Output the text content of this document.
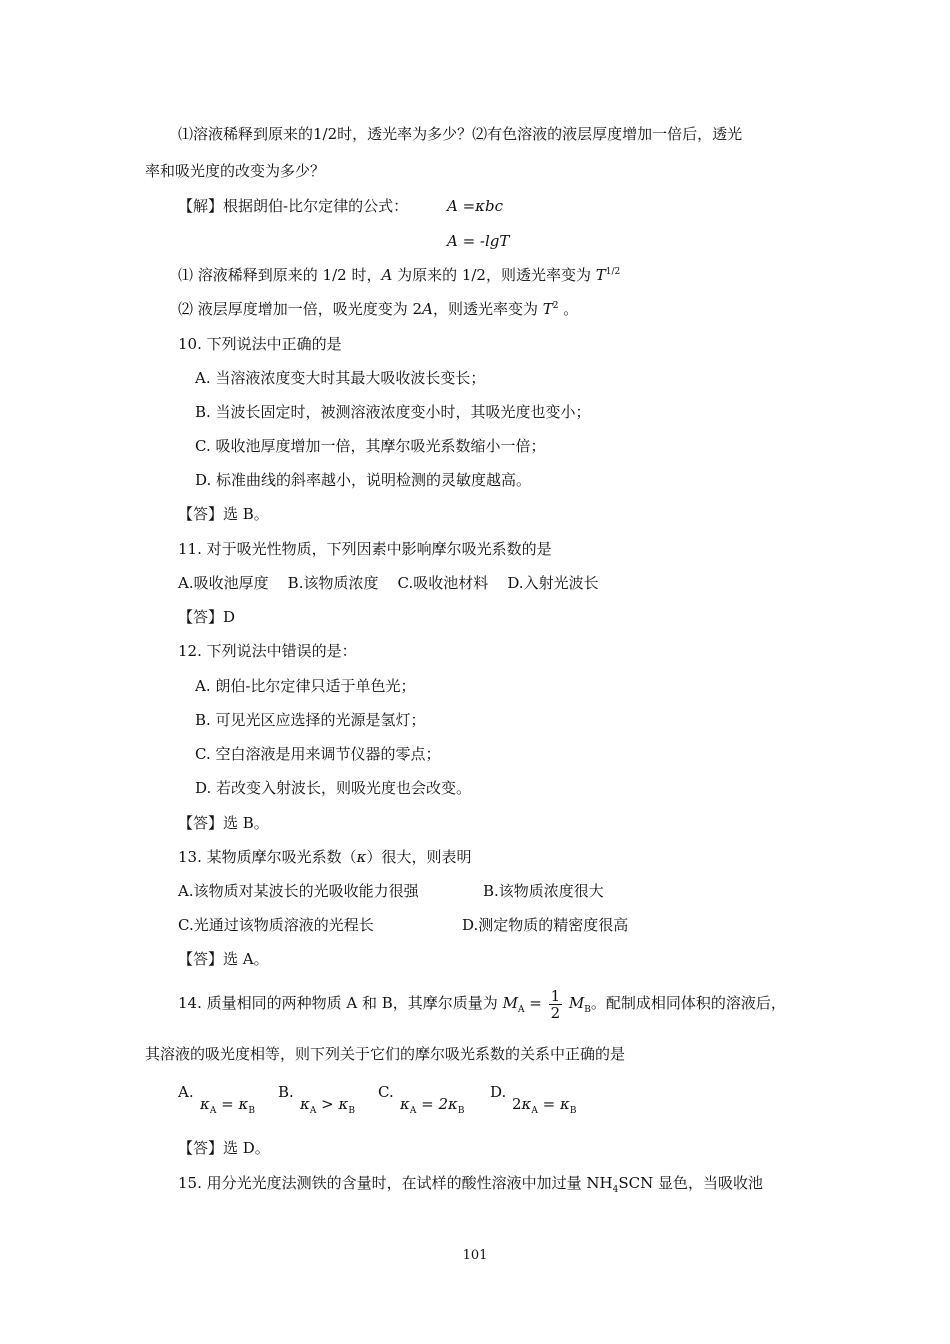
⑴溶液稀释到原来的1/2时，透光率为多少？⑵有色溶液的液层厚度增加一倍后，透光
率和吸光度的改变为多少？
【解】根据朗伯-比尔定律的公式：	A =κbc
A = -lgT
⑴ 溶液稀释到原来的 1/2 时，A 为原来的 1/2，则透光率变为 $T^{1/2}$
⑵ 液层厚度增加一倍，吸光度变为 2A，则透光率变为 $T^2$ 。
10. 下列说法中正确的是
A. 当溶液浓度变大时其最大吸收波长变长；
B. 当波长固定时，被测溶液浓度变小时，其吸光度也变小；
C. 吸收池厚度增加一倍，其摩尔吸光系数缩小一倍；
D. 标准曲线的斜率越小，说明检测的灵敏度越高。
【答】选 B。
11. 对于吸光性物质，下列因素中影响摩尔吸光系数的是
A.吸收池厚度    B.该物质浓度    C.吸收池材料    D.入射光波长
【答】D
12. 下列说法中错误的是：
A. 朗伯-比尔定律只适于单色光；
B. 可见光区应选择的光源是氢灯；
C. 空白溶液是用来调节仪器的零点；
D. 若改变入射波长，则吸光度也会改变。
【答】选 B。
13. 某物质摩尔吸光系数（κ）很大，则表明
A.该物质对某波长的光吸收能力很强	B.该物质浓度很大
C.光通过该物质溶液的光程长	D.测定物质的精密度很高
【答】选 A。
14. 质量相同的两种物质 A 和 B，其摩尔质量为 $M_A = \frac{1}{2} M_B$。配制成相同体积的溶液后，
其溶液的吸光度相等，则下列关于它们的摩尔吸光系数的关系中正确的是
A.
$\kappa_A = \kappa_B$
B.
$\kappa_A > \kappa_B$
C.
$\kappa_A = 2\kappa_B$
D.
$2\kappa_A = \kappa_B$
【答】选 D。
15. 用分光光度法测铁的含量时，在试样的酸性溶液中加过量 $NH_4SCN$ 显色，当吸收池
101
